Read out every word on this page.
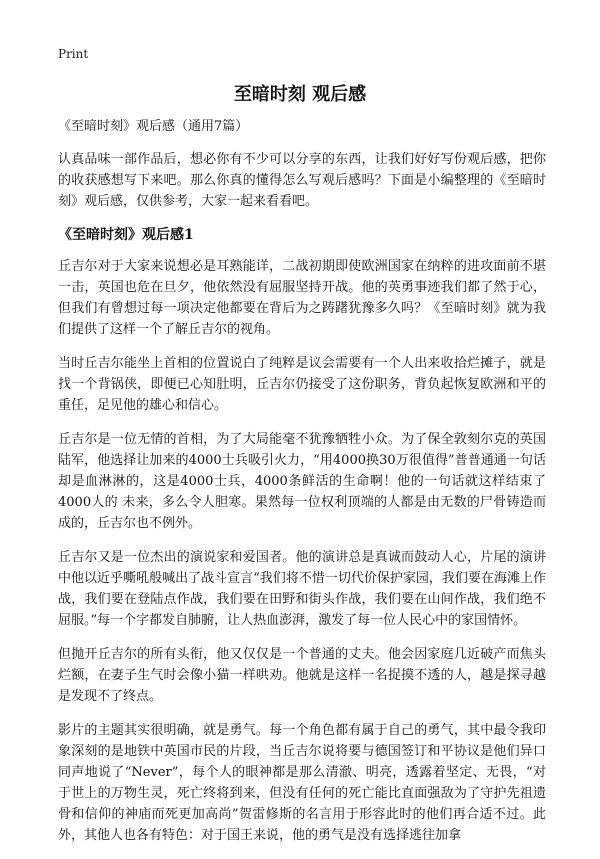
Print
至暗时刻 观后感

《至暗时刻》观后感（通用7篇）

认真品味一部作品后，想必你有不少可以分享的东西，让我们好好写份观后感，把你的收获感想写下来吧。那么你真的懂得怎么写观后感吗？下面是小编整理的《至暗时刻》观后感，仅供参考，大家一起来看看吧。

《至暗时刻》观后感1

丘吉尔对于大家来说想必是耳熟能详，二战初期即使欧洲国家在纳粹的进攻面前不堪一击，英国也危在旦夕，他依然没有屈服坚持开战。他的英勇事迹我们都了然于心，但我们有曾想过每一项决定他都要在背后为之踌躇犹豫多久吗？《至暗时刻》就为我们提供了这样一个了解丘吉尔的视角。

当时丘吉尔能坐上首相的位置说白了纯粹是议会需要有一个人出来收拾烂摊子，就是找一个背锅侠，即便已心知肚明，丘吉尔仍接受了这份职务，背负起恢复欧洲和平的重任，足见他的雄心和信心。

丘吉尔是一位无情的首相，为了大局能毫不犹豫牺牲小众。为了保全敦刻尔克的英国陆军，他选择让加来的4000士兵吸引火力，“用4000换30万很值得”普普通通一句话却是血淋淋的，这是4000士兵，4000条鲜活的生命啊！他的一句话就这样结束了4000人的 未来，多么令人胆寒。果然每一位权利顶端的人都是由无数的尸骨铸造而成的，丘吉尔也不例外。

丘吉尔又是一位杰出的演说家和爱国者。他的演讲总是真诚而鼓动人心，片尾的演讲中他以近乎嘶吼般喊出了战斗宣言“我们将不惜一切代价保护家园，我们要在海滩上作战，我们要在登陆点作战，我们要在田野和街头作战，我们要在山间作战，我们绝不屈服。”每一个字都发自肺腑，让人热血澎湃，激发了每一位人民心中的家国情怀。

但抛开丘吉尔的所有头衔，他又仅仅是一个普通的丈夫。他会因家庭几近破产而焦头烂额，在妻子生气时会像小猫一样哄劝。他就是这样一名捉摸不透的人，越是探寻越是发现不了终点。

影片的主题其实很明确，就是勇气。每一个角色都有属于自己的勇气，其中最令我印象深刻的是地铁中英国市民的片段，当丘吉尔说将要与德国签订和平协议是他们异口同声地说了“Never”，每个人的眼神都是那么清澈、明亮，透露着坚定、无畏，“对于世上的万物生灵，死亡终将到来，但没有任何的死亡能比直面强敌为了守护先祖遗骨和信仰的神庙而死更加高尚”贺雷修斯的名言用于形容此时的他们再合适不过。此外，其他人也各有特色：对于国王来说，他的勇气是没有选择逃往加拿
